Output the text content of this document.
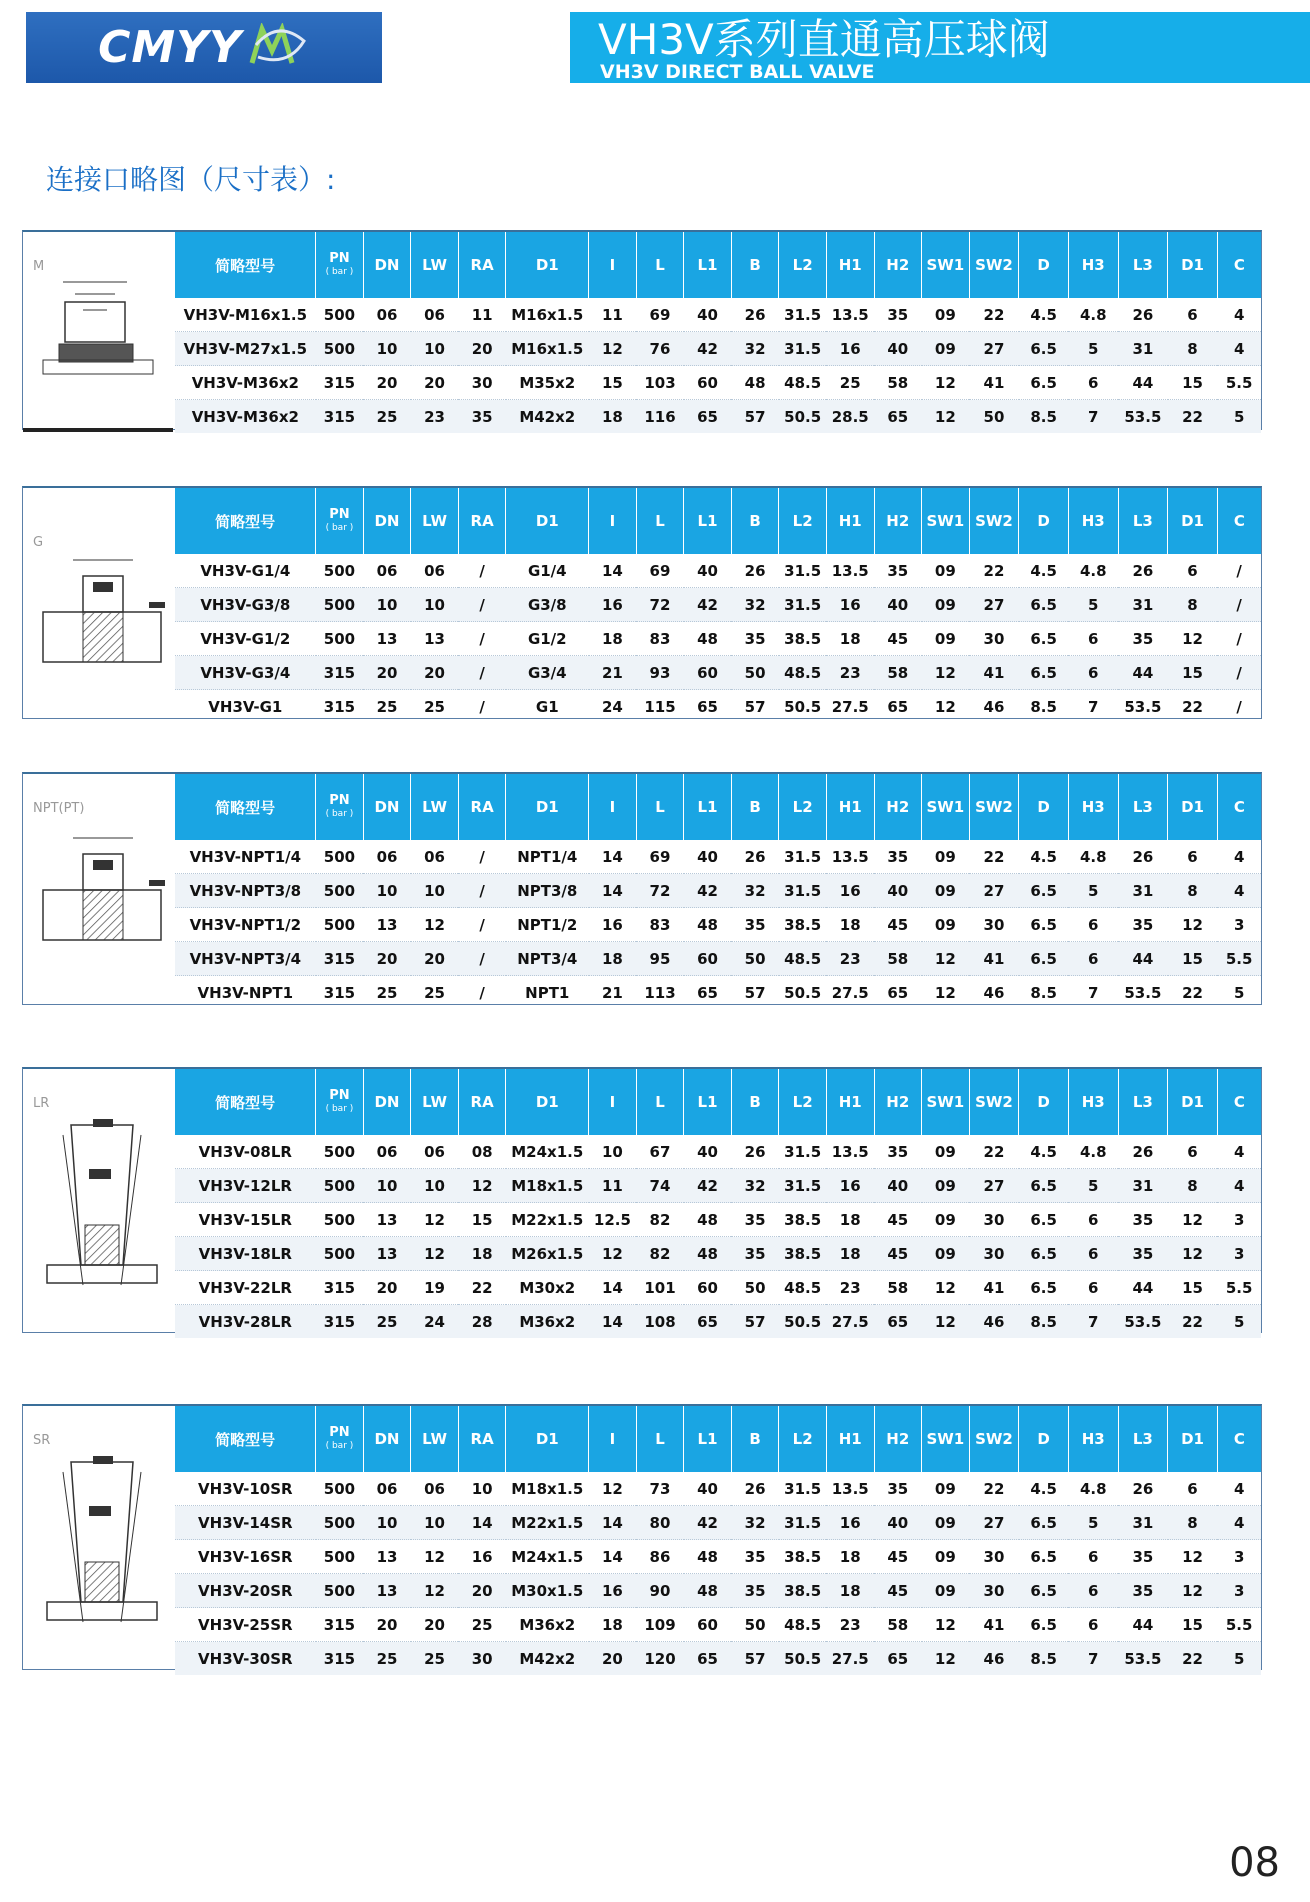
CMYY	VH3V系列直通高压球阀
VH3V DIRECT BALL VALVE
连接口略图（尺寸表）:
M
本连接符合2004-11标准
简略型号	PN
( bar )	DN	LW	RA	D1	I	L	L1	B	L2	H1	H2	SW1	SW2	D	H3	L3	D1	C
VH3V-M16x1.5	500	06	06	11	M16x1.5	11	69	40	26	31.5	13.5	35	09	22	4.5	4.8	26	6	4
VH3V-M27x1.5	500	10	10	20	M16x1.5	12	76	42	32	31.5	16	40	09	27	6.5	5	31	8	4
VH3V-M36x2	315	20	20	30	M35x2	15	103	60	48	48.5	25	58	12	41	6.5	6	44	15	5.5
VH3V-M36x2	315	25	23	35	M42x2	18	116	65	57	50.5	28.5	65	12	50	8.5	7	53.5	22	5
G
简略型号	PN
( bar )	DN	LW	RA	D1	I	L	L1	B	L2	H1	H2	SW1	SW2	D	H3	L3	D1	C
VH3V-G1/4	500	06	06	/	G1/4	14	69	40	26	31.5	13.5	35	09	22	4.5	4.8	26	6	/
VH3V-G3/8	500	10	10	/	G3/8	16	72	42	32	31.5	16	40	09	27	6.5	5	31	8	/
VH3V-G1/2	500	13	13	/	G1/2	18	83	48	35	38.5	18	45	09	30	6.5	6	35	12	/
VH3V-G3/4	315	20	20	/	G3/4	21	93	60	50	48.5	23	58	12	41	6.5	6	44	15	/
VH3V-G1	315	25	25	/	G1	24	115	65	57	50.5	27.5	65	12	46	8.5	7	53.5	22	/
NPT(PT)	简略型号	PN
( bar )	DN	LW	RA	D1	I	L	L1	B	L2	H1	H2	SW1	SW2	D	H3	L3	D1	C
VH3V-NPT1/4	500	06	06	/	NPT1/4	14	69	40	26	31.5	13.5	35	09	22	4.5	4.8	26	6	4
VH3V-NPT3/8	500	10	10	/	NPT3/8	14	72	42	32	31.5	16	40	09	27	6.5	5	31	8	4
VH3V-NPT1/2	500	13	12	/	NPT1/2	16	83	48	35	38.5	18	45	09	30	6.5	6	35	12	3
VH3V-NPT3/4	315	20	20	/	NPT3/4	18	95	60	50	48.5	23	58	12	41	6.5	6	44	15	5.5
VH3V-NPT1	315	25	25	/	NPT1	21	113	65	57	50.5	27.5	65	12	46	8.5	7	53.5	22	5
LR	简略型号	PN
( bar )	DN	LW	RA	D1	I	L	L1	B	L2	H1	H2	SW1	SW2	D	H3	L3	D1	C
VH3V-08LR	500	06	06	08	M24x1.5	10	67	40	26	31.5	13.5	35	09	22	4.5	4.8	26	6	4
VH3V-12LR	500	10	10	12	M18x1.5	11	74	42	32	31.5	16	40	09	27	6.5	5	31	8	4
VH3V-15LR	500	13	12	15	M22x1.5	12.5	82	48	35	38.5	18	45	09	30	6.5	6	35	12	3
VH3V-18LR	500	13	12	18	M26x1.5	12	82	48	35	38.5	18	45	09	30	6.5	6	35	12	3
VH3V-22LR	315	20	19	22	M30x2	14	101	60	50	48.5	23	58	12	41	6.5	6	44	15	5.5
VH3V-28LR	315	25	24	28	M36x2	14	108	65	57	50.5	27.5	65	12	46	8.5	7	53.5	22	5
SR	简略型号	PN
( bar )	DN	LW	RA	D1	I	L	L1	B	L2	H1	H2	SW1	SW2	D	H3	L3	D1	C
VH3V-10SR	500	06	06	10	M18x1.5	12	73	40	26	31.5	13.5	35	09	22	4.5	4.8	26	6	4
VH3V-14SR	500	10	10	14	M22x1.5	14	80	42	32	31.5	16	40	09	27	6.5	5	31	8	4
VH3V-16SR	500	13	12	16	M24x1.5	14	86	48	35	38.5	18	45	09	30	6.5	6	35	12	3
VH3V-20SR	500	13	12	20	M30x1.5	16	90	48	35	38.5	18	45	09	30	6.5	6	35	12	3
VH3V-25SR	315	20	20	25	M36x2	18	109	60	50	48.5	23	58	12	41	6.5	6	44	15	5.5
VH3V-30SR	315	25	25	30	M42x2	20	120	65	57	50.5	27.5	65	12	46	8.5	7	53.5	22	5
08
